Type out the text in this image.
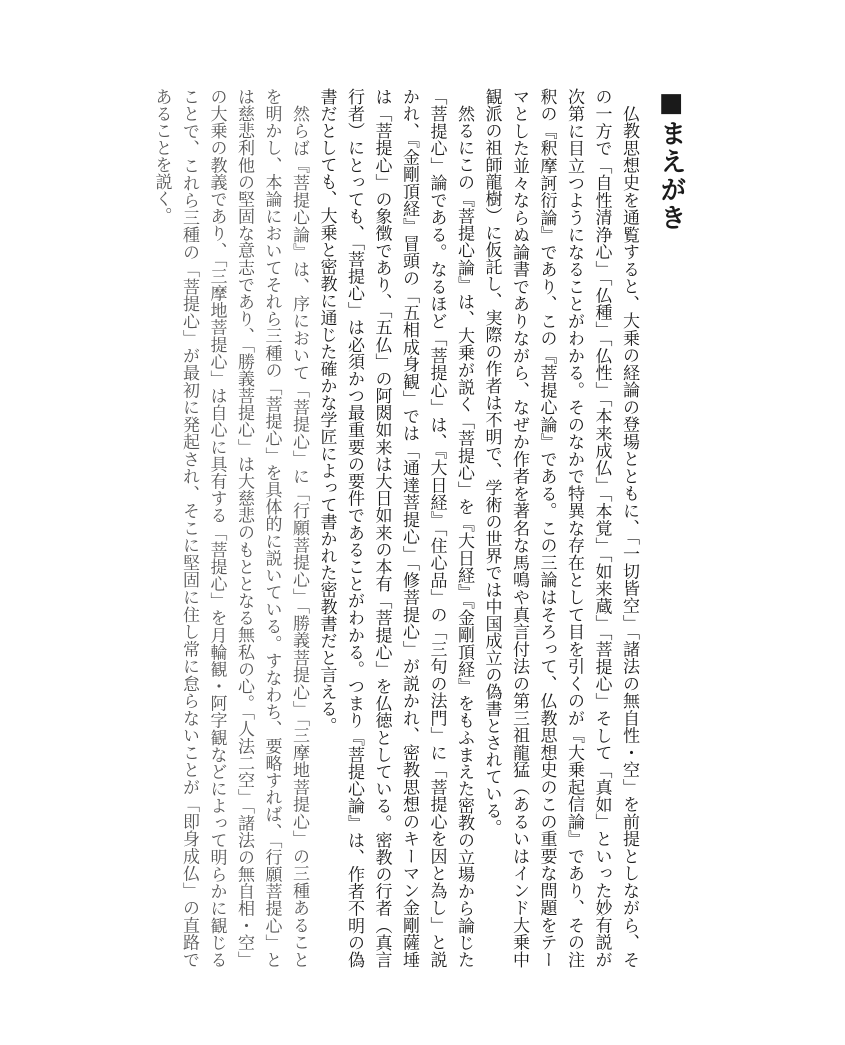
■まえがき

仏教思想史を通覧すると、大乗の経論の登場とともに、「一切皆空」「諸法の無自性・空」を前提としながら、その一方で「自性清浄心」「仏種」「仏性」「本来成仏」「本覚」「如来蔵」「菩提心」そして「真如」といった妙有説が次第に目立つようになることがわかる。そのなかで特異な存在として目を引くのが『大乗起信論』であり、その注釈の『釈摩訶衍論』であり、この『菩提心論』である。この三論はそろって、仏教思想史のこの重要な問題をテーマとした並々ならぬ論書でありながら、なぜか作者を著名な馬鳴や真言付法の第三祖龍猛（あるいはインド大乗中観派の祖師龍樹）に仮託し、実際の作者は不明で、学術の世界では中国成立の偽書とされている。

然るにこの『菩提心論』は、大乗が説く「菩提心」を『大日経』『金剛頂経』をもふまえた密教の立場から論じた「菩提心」論である。なるほど「菩提心」は、『大日経』「住心品」の「三句の法門」に「菩提心を因と為し」と説かれ、『金剛頂経』冒頭の「五相成身観」では「通達菩提心」「修菩提心」が説かれ、密教思想のキーマン金剛薩埵は「菩提心」の象徴であり、「五仏」の阿閦如来は大日如来の本有「菩提心」を仏徳としている。密教の行者（真言行者）にとっても、「菩提心」は必須かつ最重要の要件であることがわかる。つまり『菩提心論』は、作者不明の偽書だとしても、大乗と密教に通じた確かな学匠によって書かれた密教書だと言える。

然らば『菩提心論』は、序において「菩提心」に「行願菩提心」「勝義菩提心」「三摩地菩提心」の三種あることを明かし、本論においてそれら三種の「菩提心」を具体的に説いている。すなわち、要略すれば、「行願菩提心」とは慈悲利他の堅固な意志であり、「勝義菩提心」は大慈悲のもととなる無私の心。「人法二空」「諸法の無自相・空」の大乗の教義であり、「三摩地菩提心」は自心に具有する「菩提心」を月輪観・阿字観などによって明らかに観じることで、これら三種の「菩提心」が最初に発起され、そこに堅固に住し常に怠らないことが「即身成仏」の直路であることを説く。
